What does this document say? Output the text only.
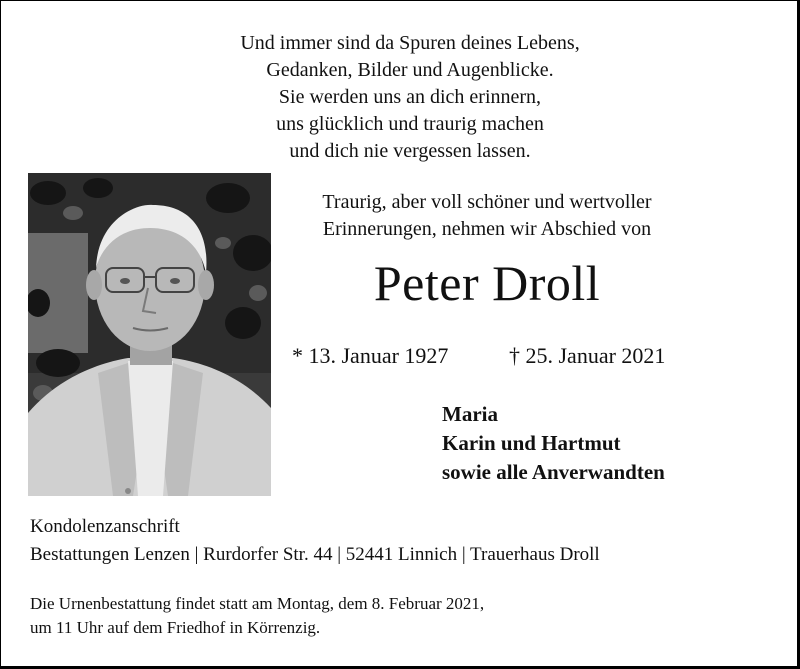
Und immer sind da Spuren deines Lebens,
Gedanken, Bilder und Augenblicke.
Sie werden uns an dich erinnern,
uns glücklich und traurig machen
und dich nie vergessen lassen.
Traurig, aber voll schöner und wertvoller
Erinnerungen, nehmen wir Abschied von
Peter Droll
* 13. Januar 1927	† 25. Januar 2021
Maria
Karin und Hartmut
sowie alle Anverwandten
Kondolenzanschrift
Bestattungen Lenzen | Rurdorfer Str. 44 | 52441 Linnich | Trauerhaus Droll
Die Urnenbestattung findet statt am Montag, dem 8. Februar 2021,
um 11 Uhr auf dem Friedhof in Körrenzig.
